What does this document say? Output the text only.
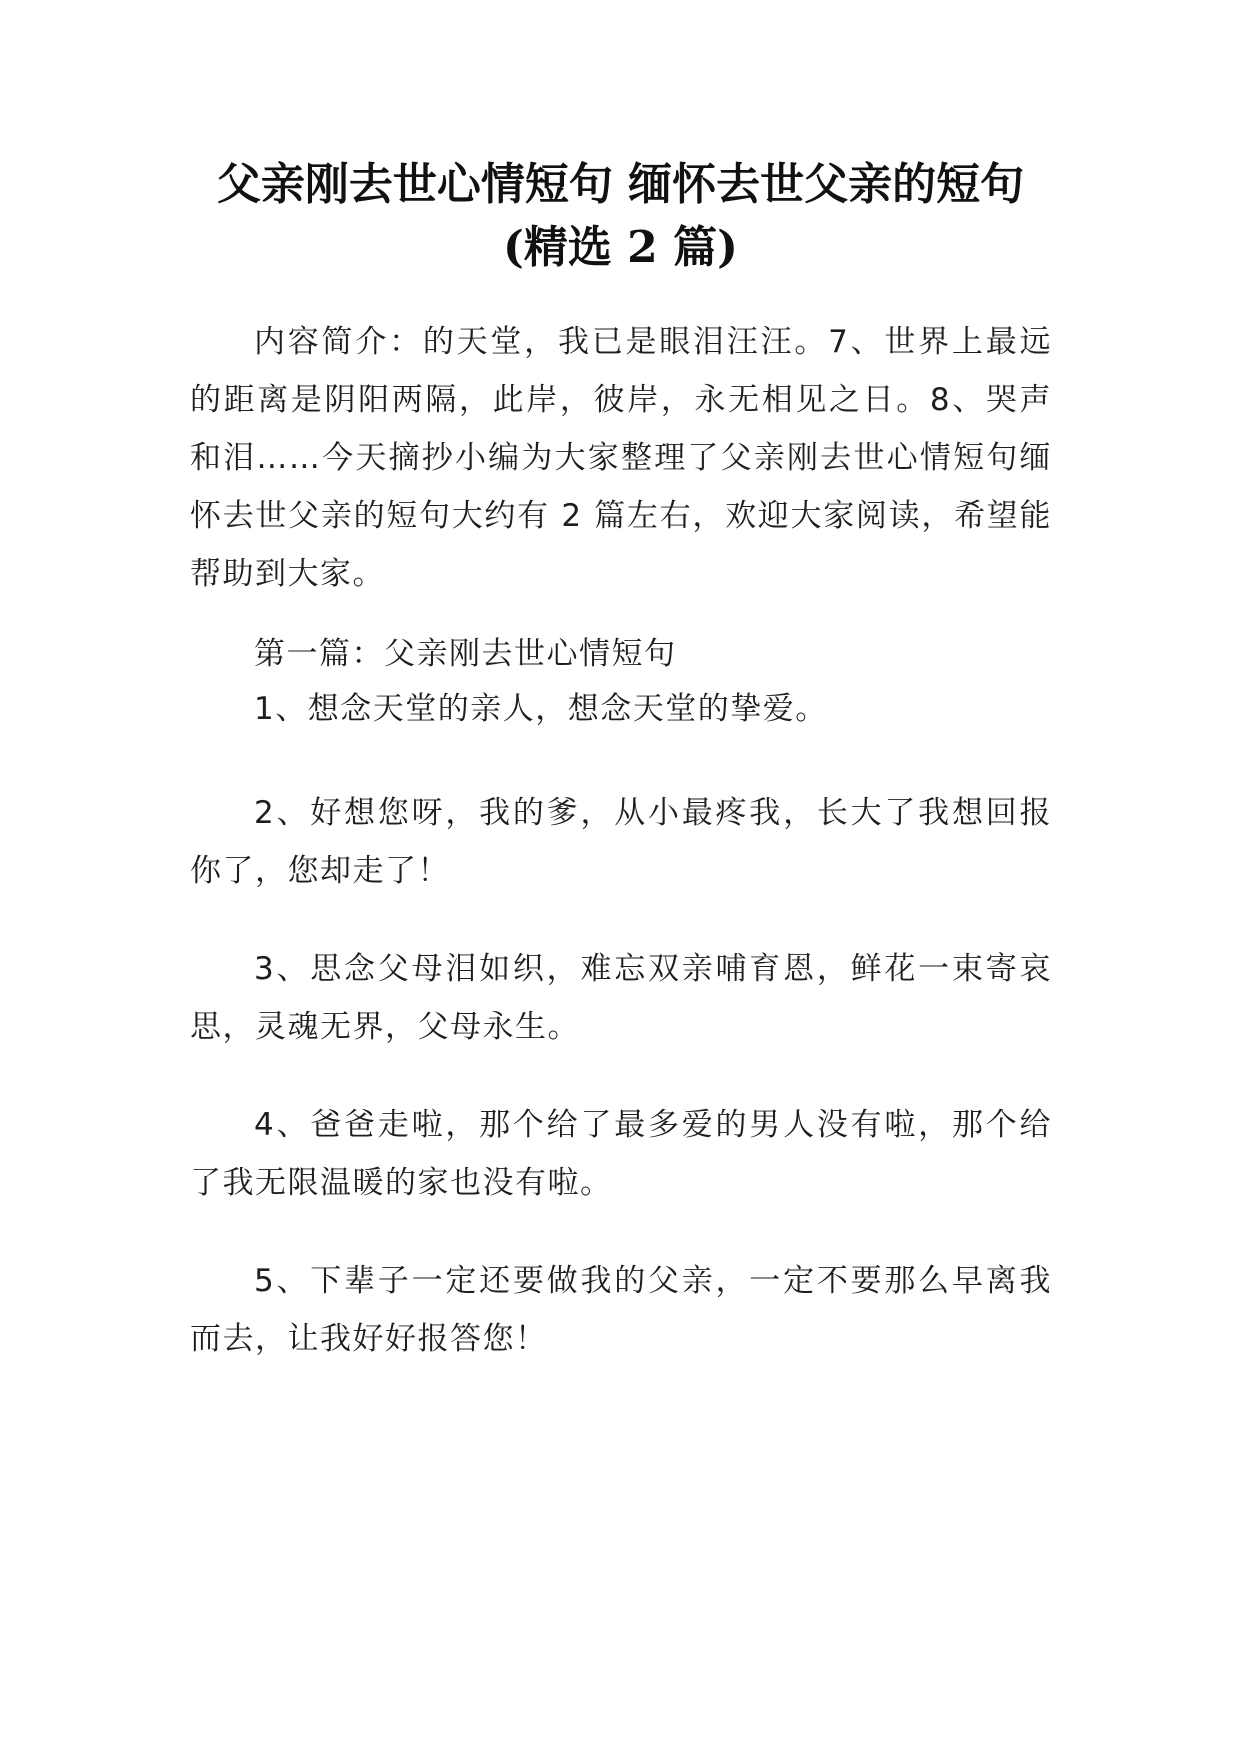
父亲刚去世心情短句 缅怀去世父亲的短句
(精选 2 篇)
内容简介：的天堂，我已是眼泪汪汪。7、世界上最远的距离是阴阳两隔，此岸，彼岸，永无相见之日。8、哭声和泪……今天摘抄小编为大家整理了父亲刚去世心情短句缅怀去世父亲的短句大约有 2 篇左右，欢迎大家阅读，希望能帮助到大家。
第一篇：父亲刚去世心情短句
1、想念天堂的亲人，想念天堂的挚爱。
2、好想您呀，我的爹，从小最疼我，长大了我想回报你了，您却走了！
3、思念父母泪如织，难忘双亲哺育恩，鲜花一束寄哀思，灵魂无界，父母永生。
4、爸爸走啦，那个给了最多爱的男人没有啦，那个给了我无限温暖的家也没有啦。
5、下辈子一定还要做我的父亲，一定不要那么早离我而去，让我好好报答您！
